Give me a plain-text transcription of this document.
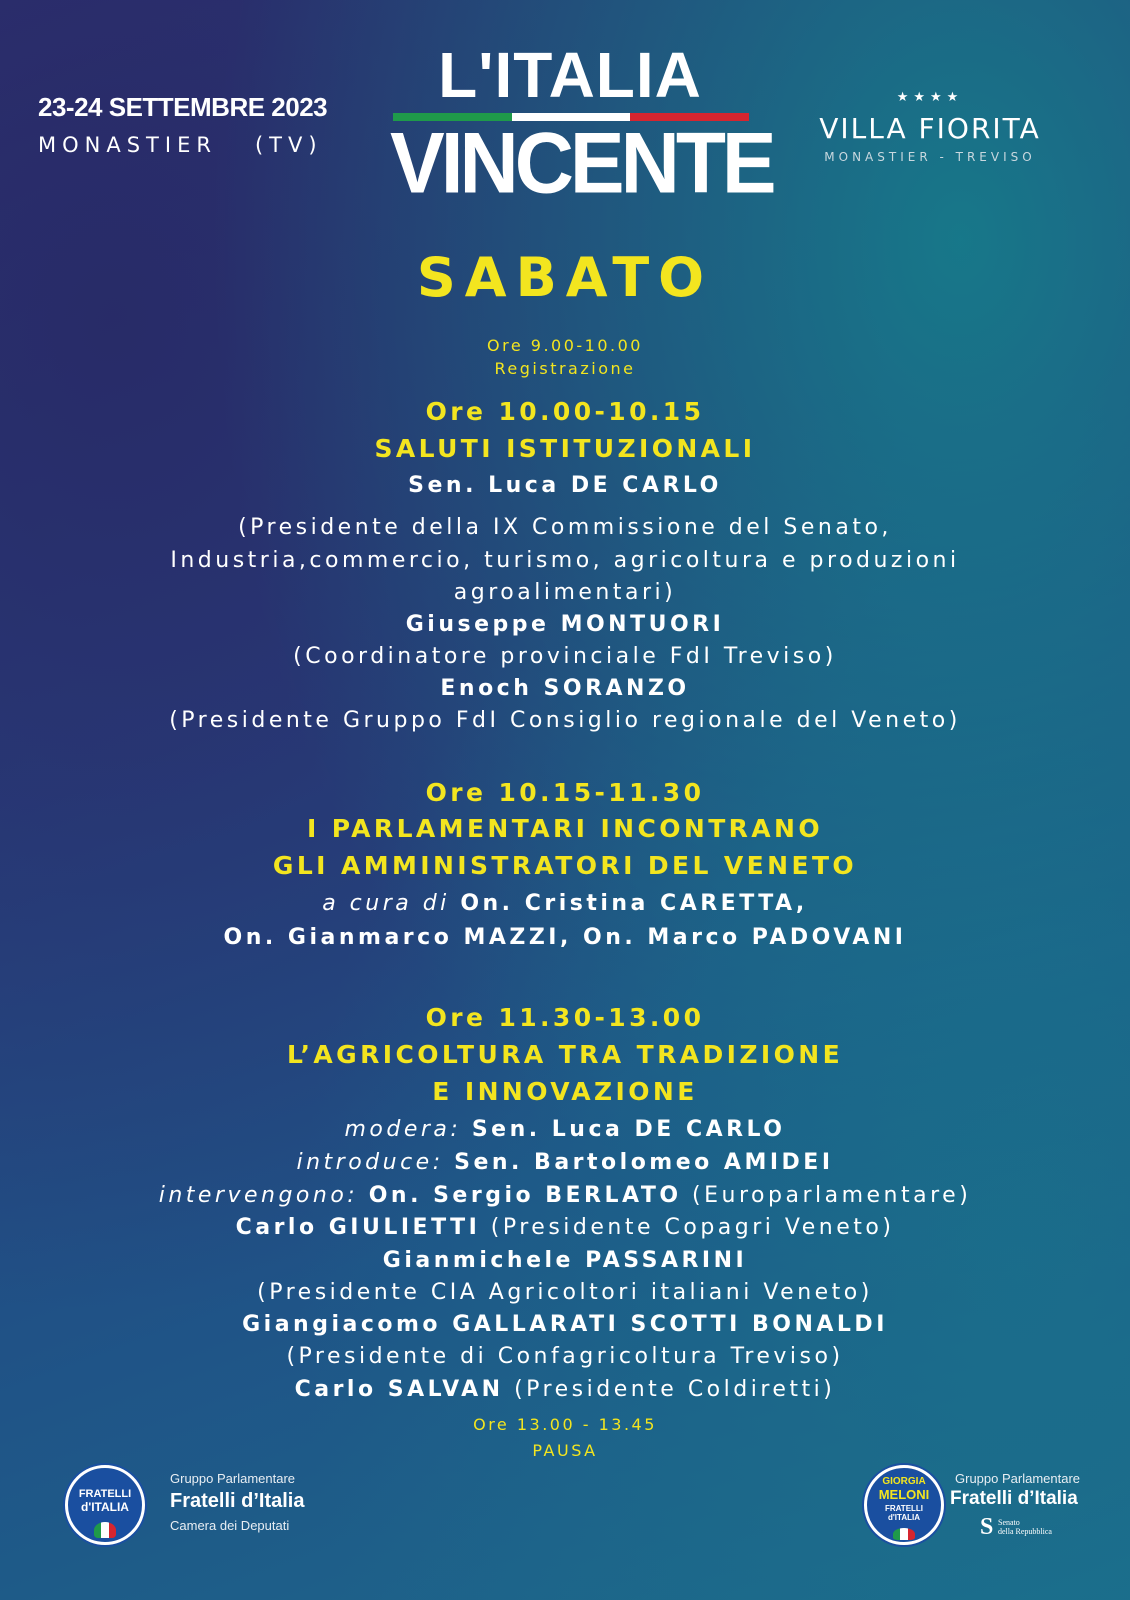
23-24 SETTEMBRE 2023
MONASTIER   (TV)
L'ITALIA
VINCENTE
★★★★
VILLA FIORITA
MONASTIER - TREVISO
SABATO
Ore 9.00-10.00
Registrazione
Ore 10.00-10.15
SALUTI ISTITUZIONALI
Sen. Luca DE CARLO
(Presidente della IX Commissione del Senato,
Industria,commercio, turismo, agricoltura e produzioni
agroalimentari)
Giuseppe MONTUORI
(Coordinatore provinciale FdI Treviso)
Enoch SORANZO
(Presidente Gruppo FdI Consiglio regionale del Veneto)
Ore 10.15-11.30
I PARLAMENTARI INCONTRANO
GLI AMMINISTRATORI DEL VENETO
a cura di On. Cristina CARETTA,
On. Gianmarco MAZZI, On. Marco PADOVANI
Ore 11.30-13.00
L’AGRICOLTURA TRA TRADIZIONE
E INNOVAZIONE
modera: Sen. Luca DE CARLO
introduce: Sen. Bartolomeo AMIDEI
intervengono: On. Sergio BERLATO (Europarlamentare)
Carlo GIULIETTI (Presidente Copagri Veneto)
Gianmichele PASSARINI
(Presidente CIA Agricoltori italiani Veneto)
Giangiacomo GALLARATI SCOTTI BONALDI
(Presidente di Confagricoltura Treviso)
Carlo SALVAN (Presidente Coldiretti)
Ore 13.00 - 13.45
PAUSA
FRATELLI
d'ITALIA
Gruppo Parlamentare
Fratelli d’Italia
Camera dei Deputati
GIORGIA
MELONI
FRATELLI
d'ITALIA
Gruppo Parlamentare
Fratelli d’Italia
S Senato
della Repubblica
